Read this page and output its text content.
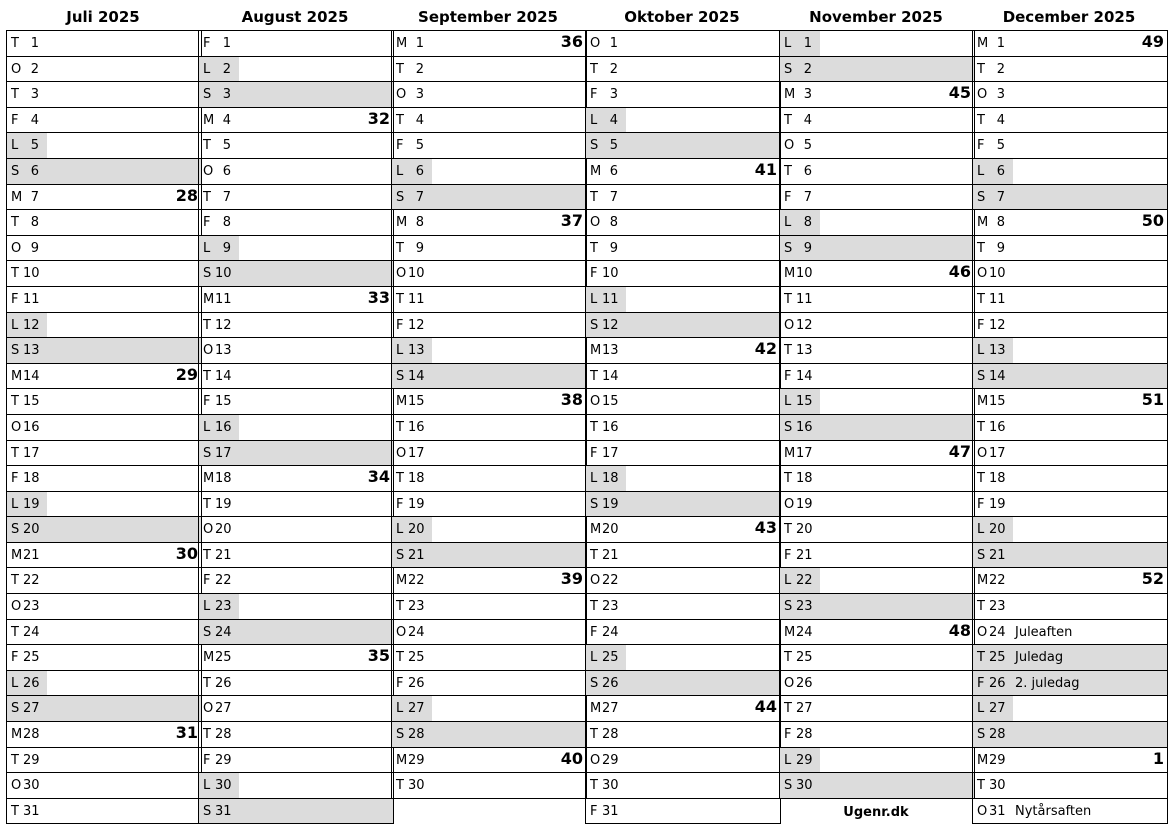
Juli 2025
T 1
O 2
T 3
F 4
L 5
S 6
M 7	28
T 8
O 9
T 10
F 11
L 12
S 13
M 14	29
T 15
O 16
T 17
F 18
L 19
S 20
M 21	30
T 22
O 23
T 24
F 25
L 26
S 27
M 28	31
T 29
O 30
T 31
August 2025
F 1
L 2
S 3
M 4	32
T 5
O 6
T 7
F 8
L 9
S 10
M 11	33
T 12
O 13
T 14
F 15
L 16
S 17
M 18	34
T 19
O 20
T 21
F 22
L 23
S 24
M 25	35
T 26
O 27
T 28
F 29
L 30
S 31
September 2025
M 1	36
T 2
O 3
T 4
F 5
L 6
S 7
M 8	37
T 9
O 10
T 11
F 12
L 13
S 14
M 15	38
T 16
O 17
T 18
F 19
L 20
S 21
M 22	39
T 23
O 24
T 25
F 26
L 27
S 28
M 29	40
T 30
Oktober 2025
O 1
T 2
F 3
L 4
S 5
M 6	41
T 7
O 8
T 9
F 10
L 11
S 12
M 13	42
T 14
O 15
T 16
F 17
L 18
S 19
M 20	43
T 21
O 22
T 23
F 24
L 25
S 26
M 27	44
T 28
O 29
T 30
F 31
November 2025
L 1
S 2
M 3	45
T 4
O 5
T 6
F 7
L 8
S 9
M 10	46
T 11
O 12
T 13
F 14
L 15
S 16
M 17	47
T 18
O 19
T 20
F 21
L 22
S 23
M 24	48
T 25
O 26
T 27
F 28
L 29
S 30
Ugenr.dk
December 2025
M 1	49
T 2
O 3
T 4
F 5
L 6
S 7
M 8	50
T 9
O 10
T 11
F 12
L 13
S 14
M 15	51
T 16
O 17
T 18
F 19
L 20
S 21
M 22	52
T 23
O 24 Juleaften
T 25 Juledag
F 26 2. juledag
L 27
S 28
M 29	1
T 30
O 31 Nytårsaften
